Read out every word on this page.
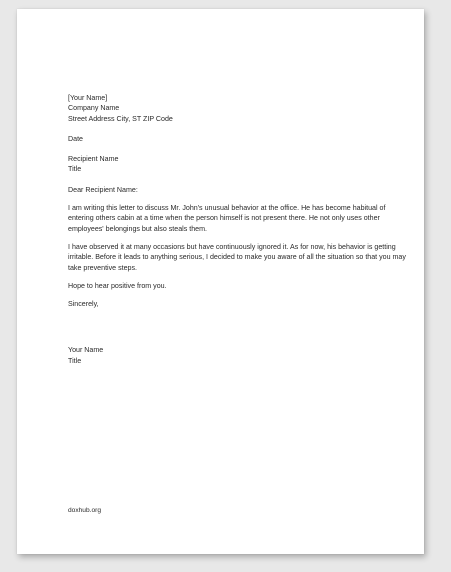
[Your Name]
Company Name
Street Address City, ST ZIP Code
Date
Recipient Name
Title
Dear Recipient Name:
I am writing this letter to discuss Mr. John's unusual behavior at the office. He has become habitual of entering others cabin at a time when the person himself is not present there. He not only uses other employees' belongings but also steals them.
I have observed it at many occasions but have continuously ignored it. As for now, his behavior is getting irritable. Before it leads to anything serious, I decided to make you aware of all the situation so that you may take preventive steps.
Hope to hear positive from you.
Sincerely,
Your Name
Title
doxhub.org
